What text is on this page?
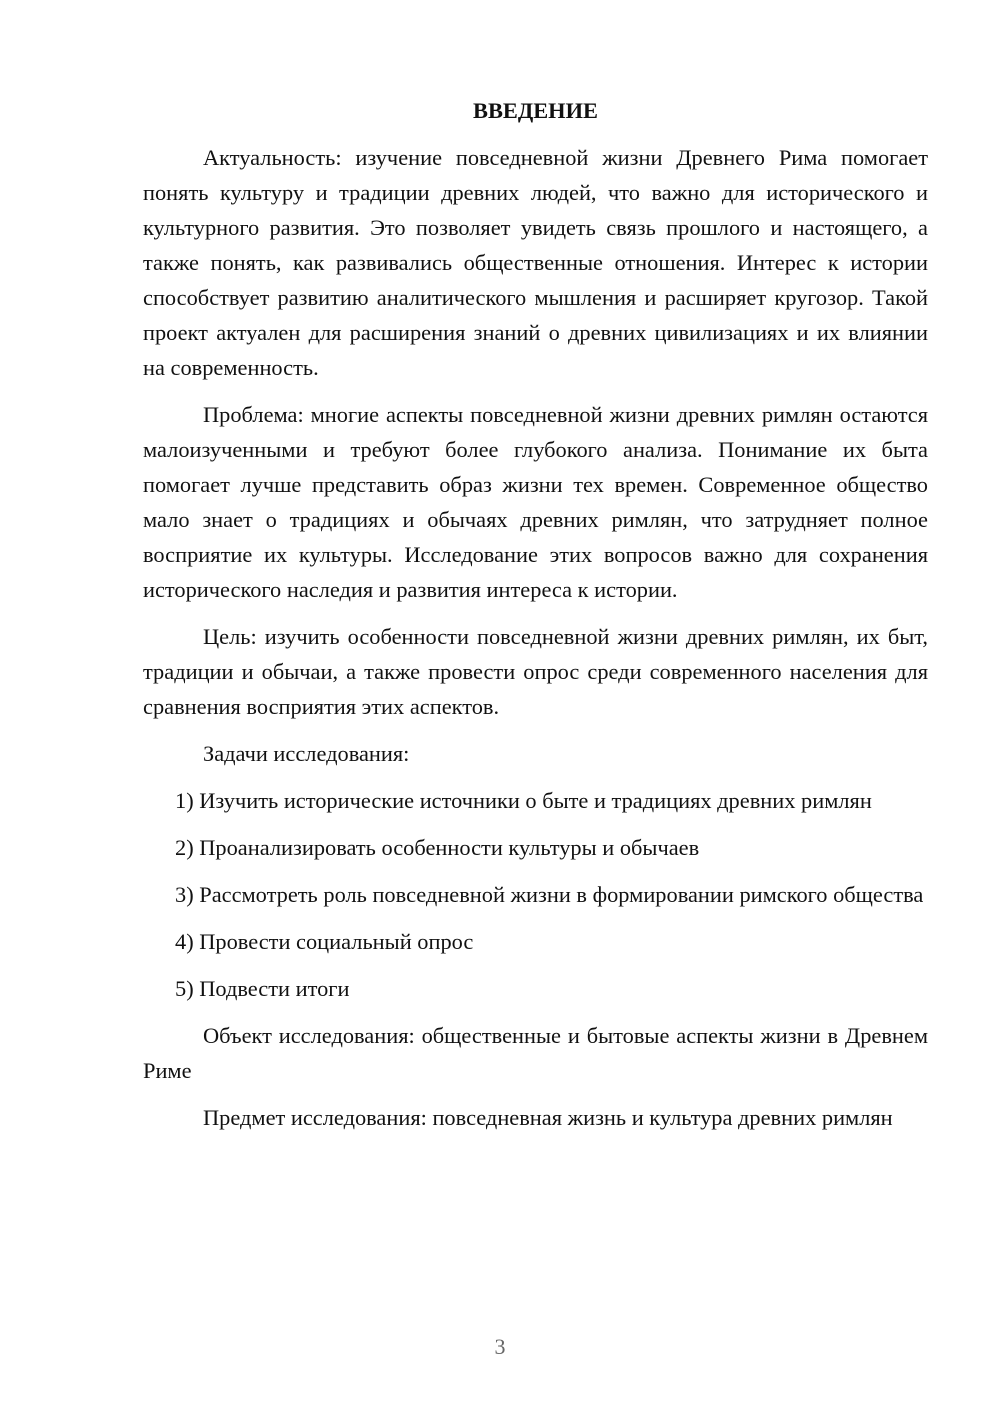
ВВЕДЕНИЕ

Актуальность: изучение повседневной жизни Древнего Рима помогает понять культуру и традиции древних людей, что важно для исторического и культурного развития. Это позволяет увидеть связь прошлого и настоящего, а также понять, как развивались общественные отношения. Интерес к истории способствует развитию аналитического мышления и расширяет кругозор. Такой проект актуален для расширения знаний о древних цивилизациях и их влиянии на современность.

Проблема: многие аспекты повседневной жизни древних римлян остаются малоизученными и требуют более глубокого анализа. Понимание их быта помогает лучше представить образ жизни тех времен. Современное общество мало знает о традициях и обычаях древних римлян, что затрудняет полное восприятие их культуры. Исследование этих вопросов важно для сохранения исторического наследия и развития интереса к истории.

Цель: изучить особенности повседневной жизни древних римлян, их быт, традиции и обычаи, а также провести опрос среди современного населения для сравнения восприятия этих аспектов.

Задачи исследования:

1) Изучить исторические источники о быте и традициях древних римлян

2) Проанализировать особенности культуры и обычаев

3) Рассмотреть роль повседневной жизни в формировании римского общества

4) Провести социальный опрос

5) Подвести итоги

Объект исследования: общественные и бытовые аспекты жизни в Древнем Риме

Предмет исследования: повседневная жизнь и культура древних римлян

3
